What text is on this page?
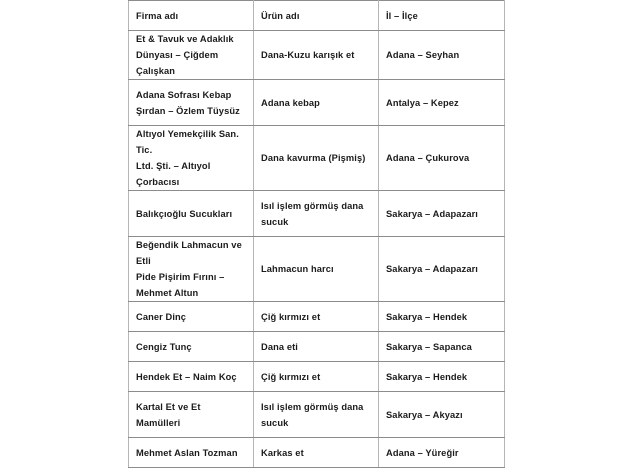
Firma adı	Ürün adı	İl – İlçe

Et & Tavuk ve Adaklık
Dünyası – Çiğdem Çalışkan	Dana-Kuzu karışık et	Adana – Seyhan

Adana Sofrası Kebap
Şırdan – Özlem Tüysüz	Adana kebap	Antalya – Kepez

Altıyol Yemekçilik San. Tic.
Ltd. Şti. – Altıyol Çorbacısı	Dana kavurma (Pişmiş)	Adana – Çukurova

Balıkçıoğlu Sucukları	Isıl işlem görmüş dana
sucuk	Sakarya – Adapazarı

Beğendik Lahmacun ve Etli
Pide Pişirim Fırını –
Mehmet Altun	Lahmacun harcı	Sakarya – Adapazarı

Caner Dinç	Çiğ kırmızı et	Sakarya – Hendek

Cengiz Tunç	Dana eti	Sakarya – Sapanca

Hendek Et – Naim Koç	Çiğ kırmızı et	Sakarya – Hendek

Kartal Et ve Et Mamülleri	Isıl işlem görmüş dana
sucuk	Sakarya – Akyazı

Mehmet Aslan Tozman	Karkas et	Adana – Yüreğir
